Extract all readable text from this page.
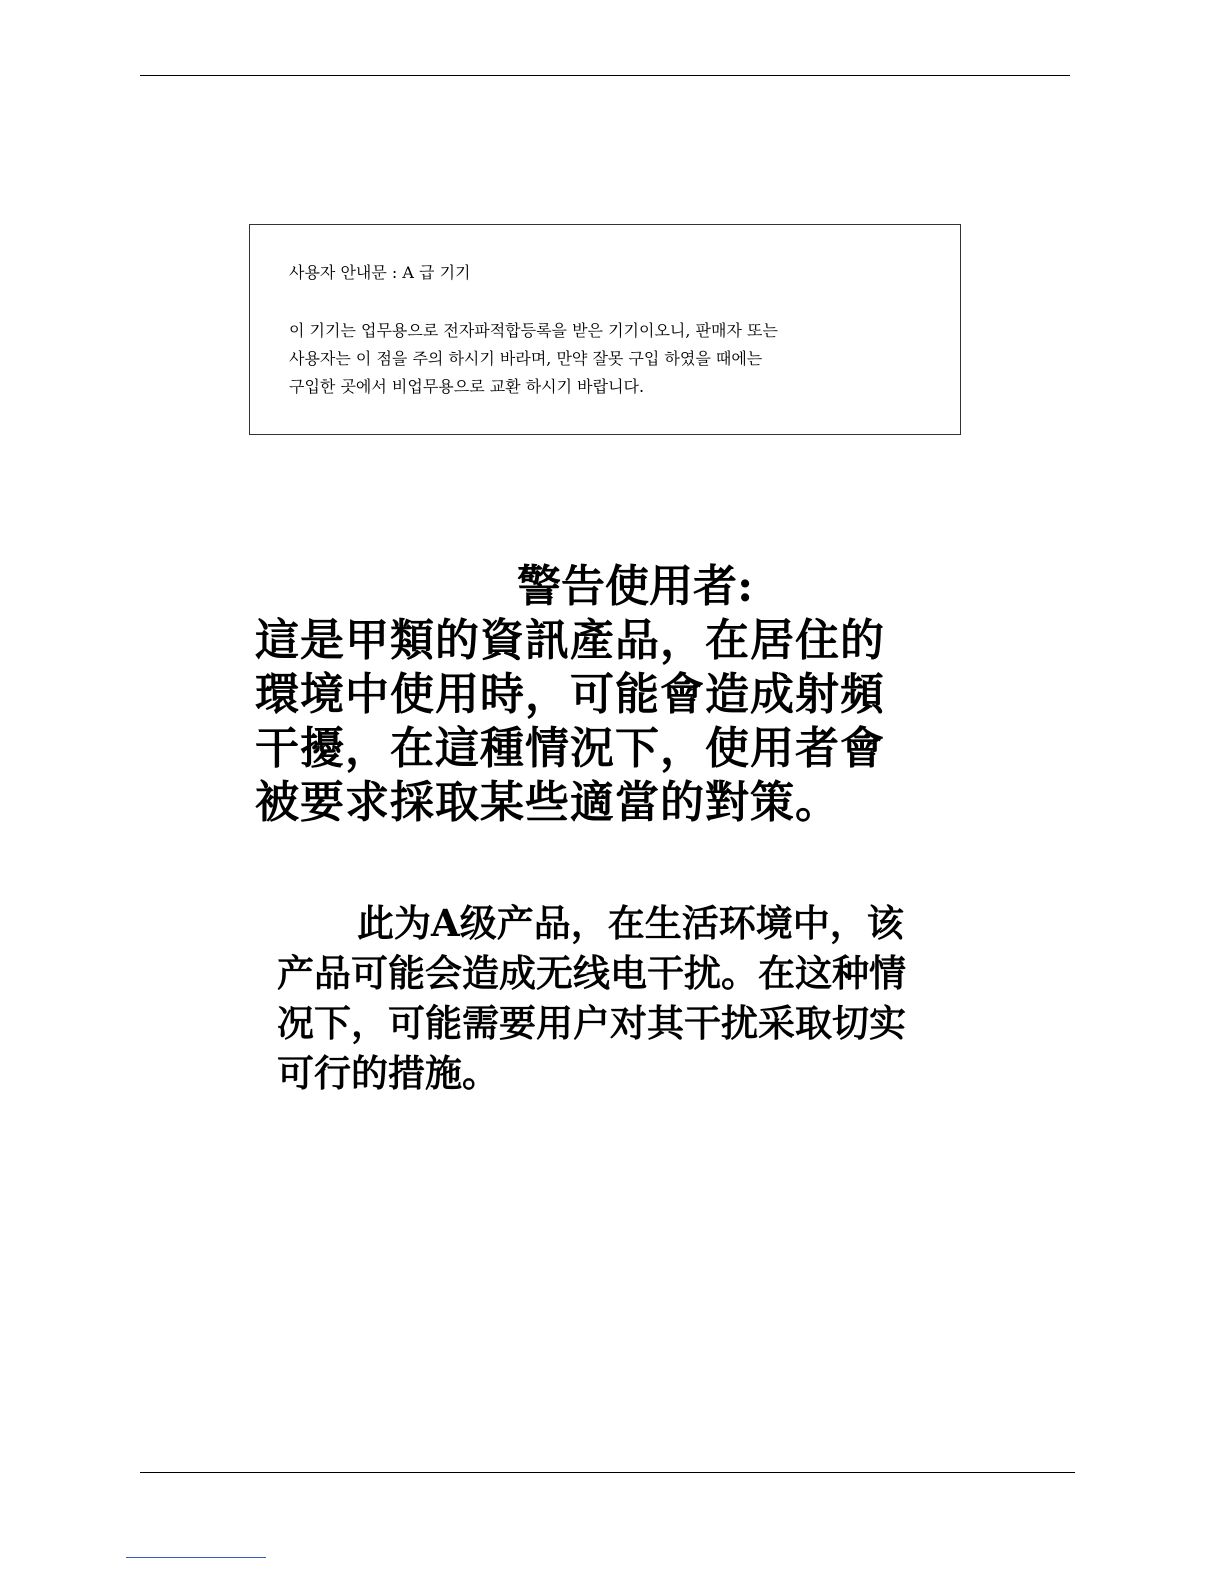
사용자 안내문 : A 급 기기
이 기기는 업무용으로 전자파적합등록을 받은 기기이오니, 판매자 또는
사용자는 이 점을 주의 하시기 바라며, 만약 잘못 구입 하였을 때에는
구입한 곳에서 비업무용으로 교환 하시기 바랍니다.
警告使用者:
這是甲類的資訊產品，在居住的
環境中使用時，可能會造成射頻
干擾，在這種情況下，使用者會
被要求採取某些適當的對策。
此为A级产品，在生活环境中，该
产品可能会造成无线电干扰。在这种情
况下，可能需要用户对其干扰采取切实
可行的措施。
